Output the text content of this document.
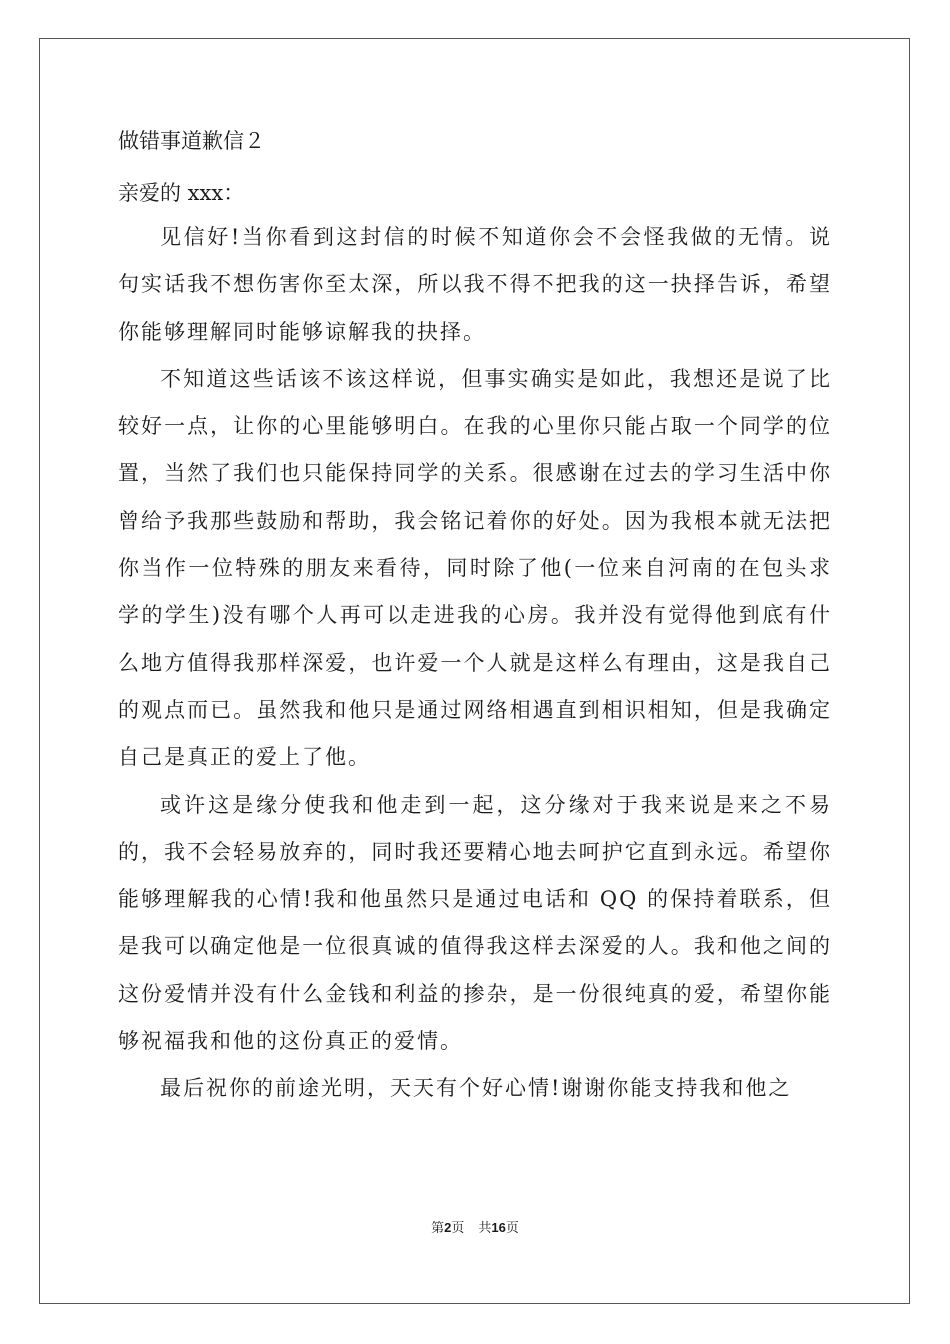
做错事道歉信２

亲爱的 xxx：

见信好!当你看到这封信的时候不知道你会不会怪我做的无情。说句实话我不想伤害你至太深，所以我不得不把我的这一抉择告诉，希望你能够理解同时能够谅解我的抉择。

不知道这些话该不该这样说，但事实确实是如此，我想还是说了比较好一点，让你的心里能够明白。在我的心里你只能占取一个同学的位置，当然了我们也只能保持同学的关系。很感谢在过去的学习生活中你曾给予我那些鼓励和帮助，我会铭记着你的好处。因为我根本就无法把你当作一位特殊的朋友来看待，同时除了他(一位来自河南的在包头求学的学生)没有哪个人再可以走进我的心房。我并没有觉得他到底有什么地方值得我那样深爱，也许爱一个人就是这样么有理由，这是我自己的观点而已。虽然我和他只是通过网络相遇直到相识相知，但是我确定自己是真正的爱上了他。

或许这是缘分使我和他走到一起，这分缘对于我来说是来之不易的，我不会轻易放弃的，同时我还要精心地去呵护它直到永远。希望你能够理解我的心情!我和他虽然只是通过电话和 QQ 的保持着联系，但是我可以确定他是一位很真诚的值得我这样去深爱的人。我和他之间的这份爱情并没有什么金钱和利益的掺杂，是一份很纯真的爱，希望你能够祝福我和他的这份真正的爱情。

最后祝你的前途光明，天天有个好心情!谢谢你能支持我和他之

第2页 共16页
